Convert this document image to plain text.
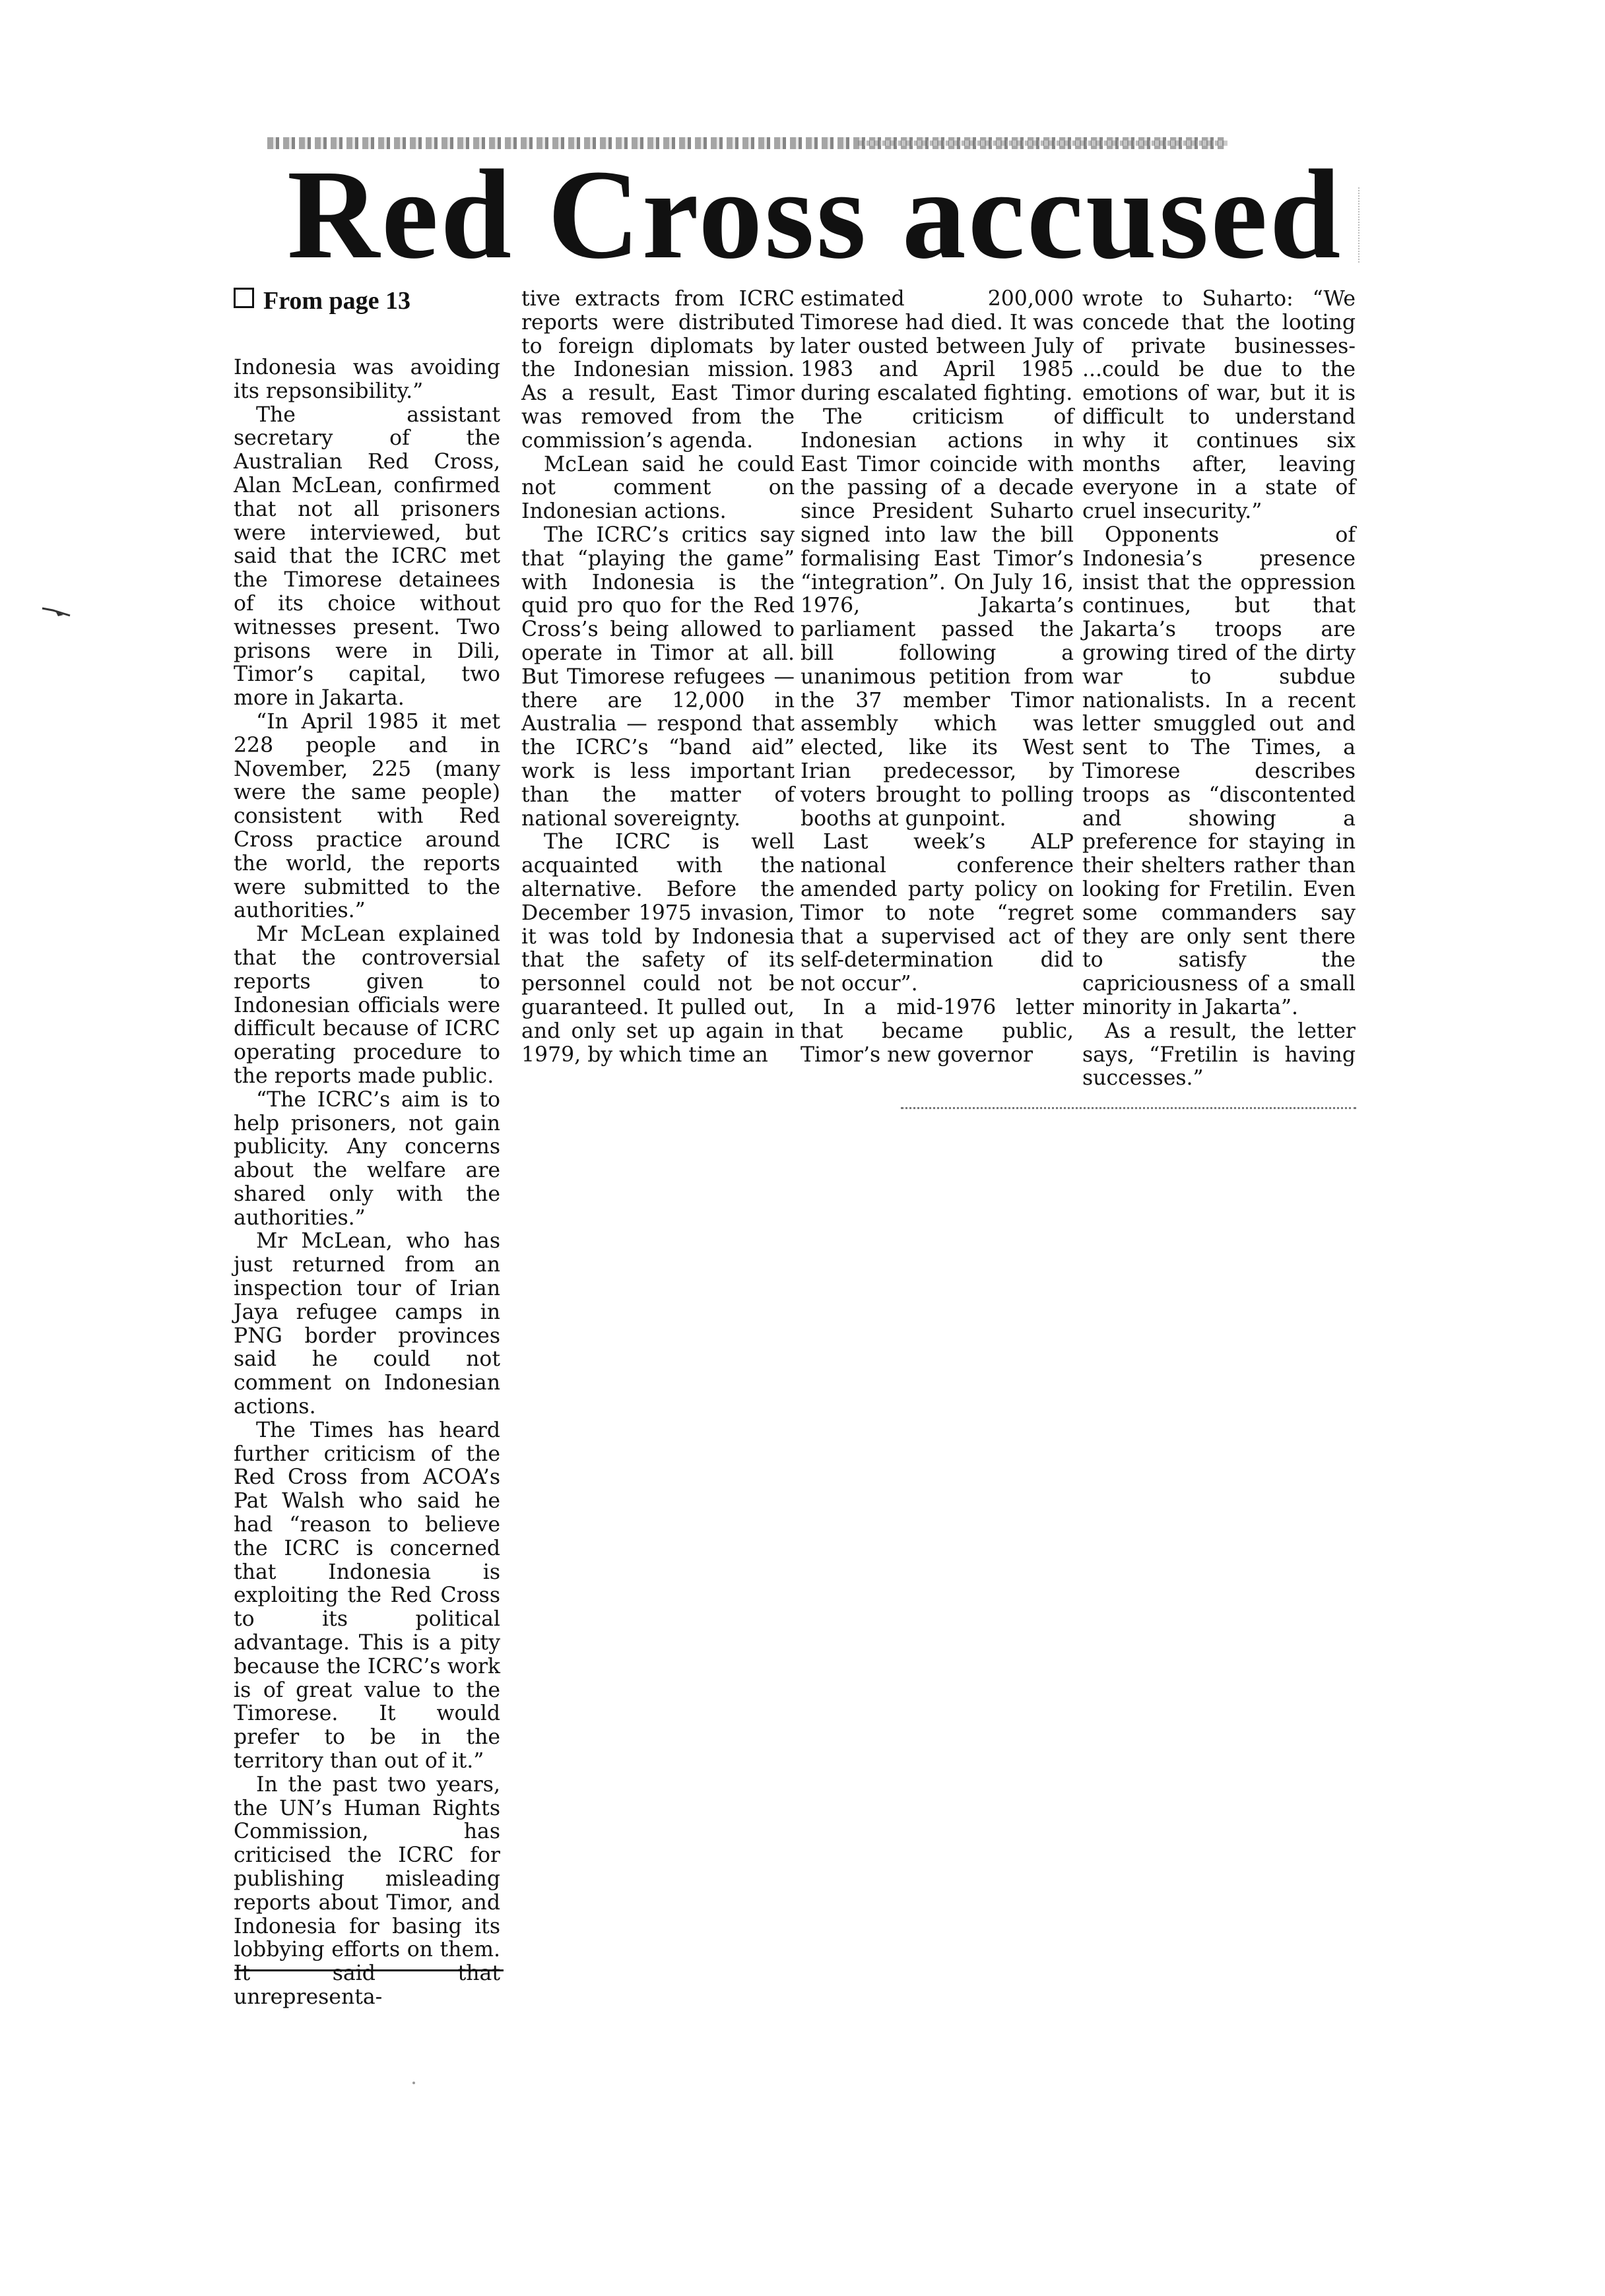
Red Cross accused
From page 13

Indonesia was avoiding its repsonsibility.”

The assistant secretary of the Australian Red Cross, Alan McLean, confirmed that not all prisoners were interviewed, but said that the ICRC met the Timorese detainees of its choice without witnesses present. Two prisons were in Dili, Timor’s capital, two more in Jakarta.

“In April 1985 it met 228 people and in November, 225 (many were the same people) consistent with Red Cross practice around the world, the reports were submitted to the authorities.”

Mr McLean explained that the controversial reports given to Indonesian officials were difficult because of ICRC operating procedure to the reports made public.

“The ICRC’s aim is to help prisoners, not gain publicity. Any concerns about the welfare are shared only with the authorities.”

Mr McLean, who has just returned from an inspection tour of Irian Jaya refugee camps in PNG border provinces said he could not comment on Indonesian actions.

The Times has heard further criticism of the Red Cross from ACOA’s Pat Walsh who said he had “reason to believe the ICRC is concerned that Indonesia is exploiting the Red Cross to its political advantage. This is a pity because the ICRC’s work is of great value to the Timorese. It would prefer to be in the territory than out of it.”

In the past two years, the UN’s Human Rights Commission, has criticised the ICRC for publishing misleading reports about Timor, and Indonesia for basing its lobbying efforts on them. It said that unrepresenta-

tive extracts from ICRC reports were distributed to foreign diplomats by the Indonesian mission. As a result, East Timor was removed from the commission’s agenda.

McLean said he could not comment on Indonesian actions.

The ICRC’s critics say that “playing the game” with Indonesia is the quid pro quo for the Red Cross’s being allowed to operate in Timor at all. But Timorese refugees — there are 12,000 in Australia — respond that the ICRC’s “band aid” work is less important than the matter of national sovereignty.

The ICRC is well acquainted with the alternative. Before the December 1975 invasion, it was told by Indonesia that the safety of its personnel could not be guaranteed. It pulled out, and only set up again in 1979, by which time an

estimated 200,000 Timorese had died. It was later ousted between July 1983 and April 1985 during escalated fighting.

The criticism of Indonesian actions in East Timor coincide with the passing of a decade since President Suharto signed into law the bill formalising East Timor’s “integration”. On July 16, 1976, Jakarta’s parliament passed the bill following a unanimous petition from the 37 member Timor assembly which was elected, like its West Irian predecessor, by voters brought to polling booths at gunpoint.

Last week’s ALP national conference amended party policy on Timor to note “regret that a supervised act of self-determination did not occur”.

In a mid-1976 letter that became public, Timor’s new governor

wrote to Suharto: “We concede that the looting of private businesses- ...could be due to the emotions of war, but it is difficult to understand why it continues six months after, leaving everyone in a state of cruel insecurity.”

Opponents of Indonesia’s presence insist that the oppression continues, but that Jakarta’s troops are growing tired of the dirty war to subdue nationalists. In a recent letter smuggled out and sent to The Times, a Timorese describes troops as “discontented and showing a preference for staying in their shelters rather than looking for Fretilin. Even some commanders say they are only sent there to satisfy the capriciousness of a small minority in Jakarta”.

As a result, the letter says, “Fretilin is having successes.”
